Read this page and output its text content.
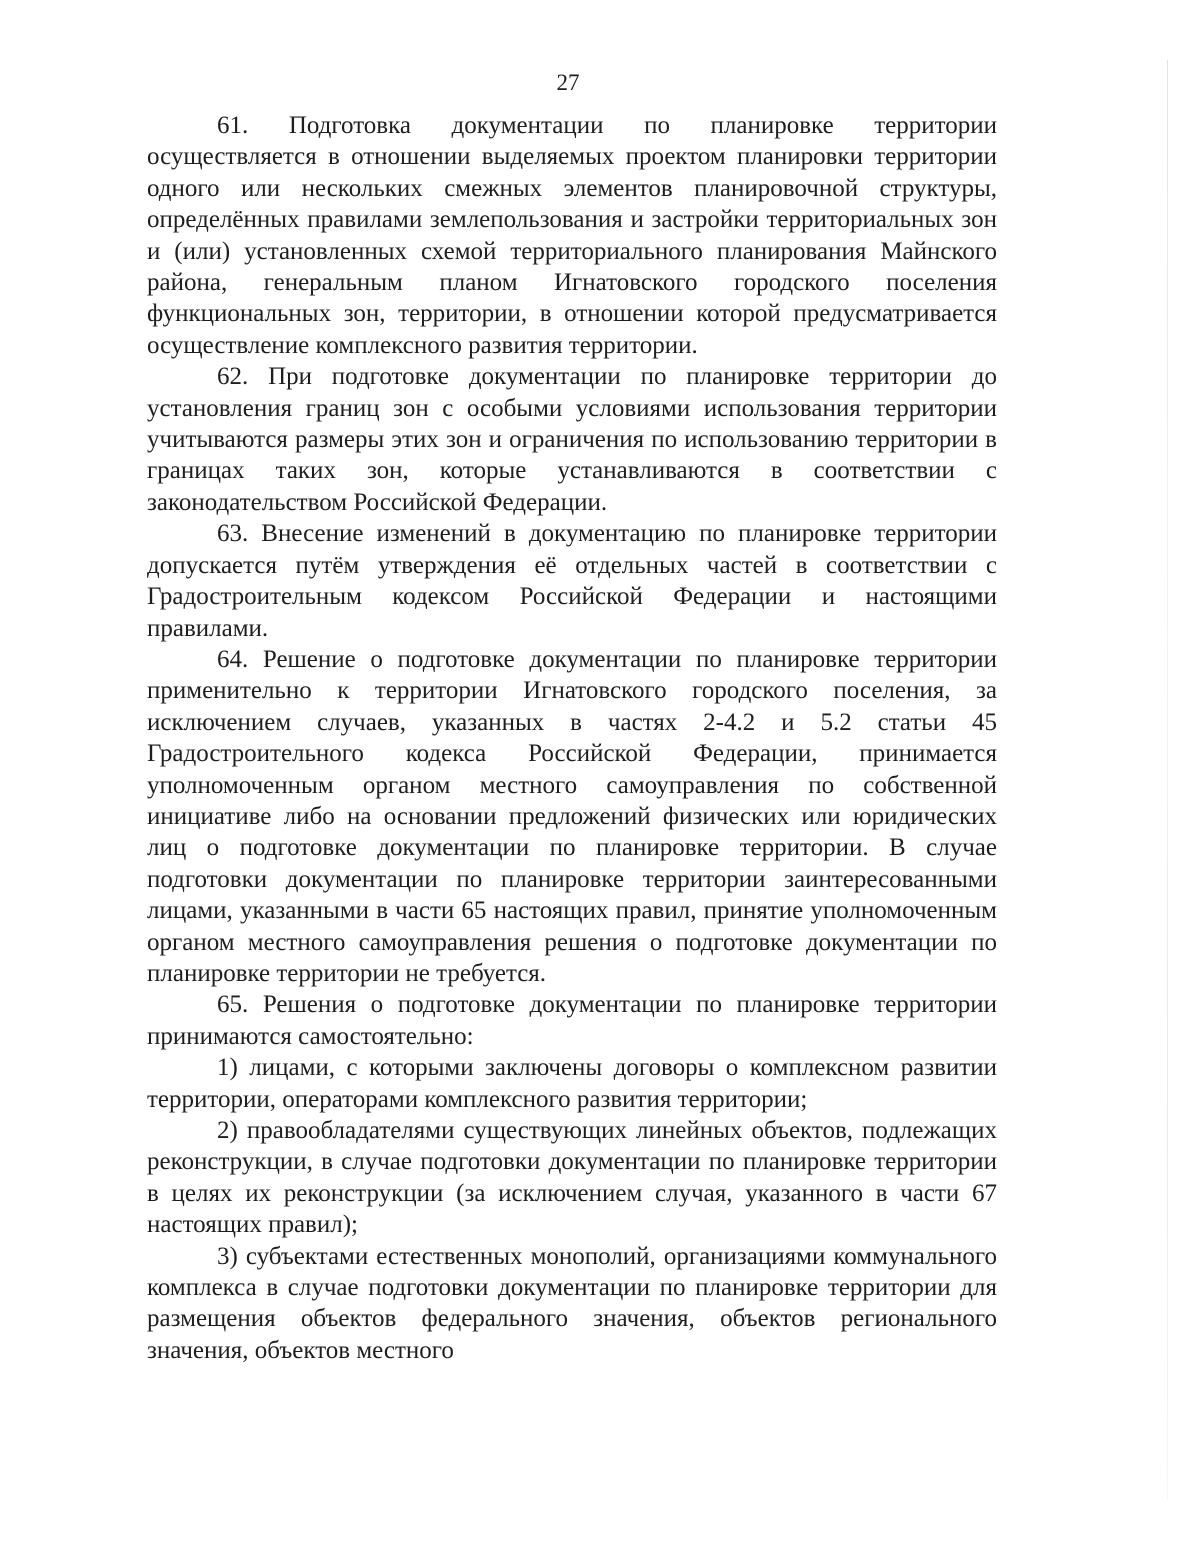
27

61. Подготовка документации по планировке территории осуществляется в отношении выделяемых проектом планировки территории одного или нескольких смежных элементов планировочной структуры, определённых правилами землепользования и застройки территориальных зон и (или) установленных схемой территориального планирования Майнского района, генеральным планом Игнатовского городского поселения функциональных зон, территории, в отношении которой предусматривается осуществление комплексного развития территории.

62. При подготовке документации по планировке территории до установления границ зон с особыми условиями использования территории учитываются размеры этих зон и ограничения по использованию территории в границах таких зон, которые устанавливаются в соответствии с законодательством Российской Федерации.

63. Внесение изменений в документацию по планировке территории допускается путём утверждения её отдельных частей в соответствии с Градостроительным кодексом Российской Федерации и настоящими правилами.

64. Решение о подготовке документации по планировке территории применительно к территории Игнатовского городского поселения, за исключением случаев, указанных в частях 2-4.2 и 5.2 статьи 45 Градостроительного кодекса Российской Федерации, принимается уполномоченным органом местного самоуправления по собственной инициативе либо на основании предложений физических или юридических лиц о подготовке документации по планировке территории. В случае подготовки документации по планировке территории заинтересованными лицами, указанными в части 65 настоящих правил, принятие уполномоченным органом местного самоуправления решения о подготовке документации по планировке территории не требуется.

65. Решения о подготовке документации по планировке территории принимаются самостоятельно:

1) лицами, с которыми заключены договоры о комплексном развитии территории, операторами комплексного развития территории;

2) правообладателями существующих линейных объектов, подлежащих реконструкции, в случае подготовки документации по планировке территории в целях их реконструкции (за исключением случая, указанного в части 67 настоящих правил);

3) субъектами естественных монополий, организациями коммунального комплекса в случае подготовки документации по планировке территории для размещения объектов федерального значения, объектов регионального значения, объектов местного
